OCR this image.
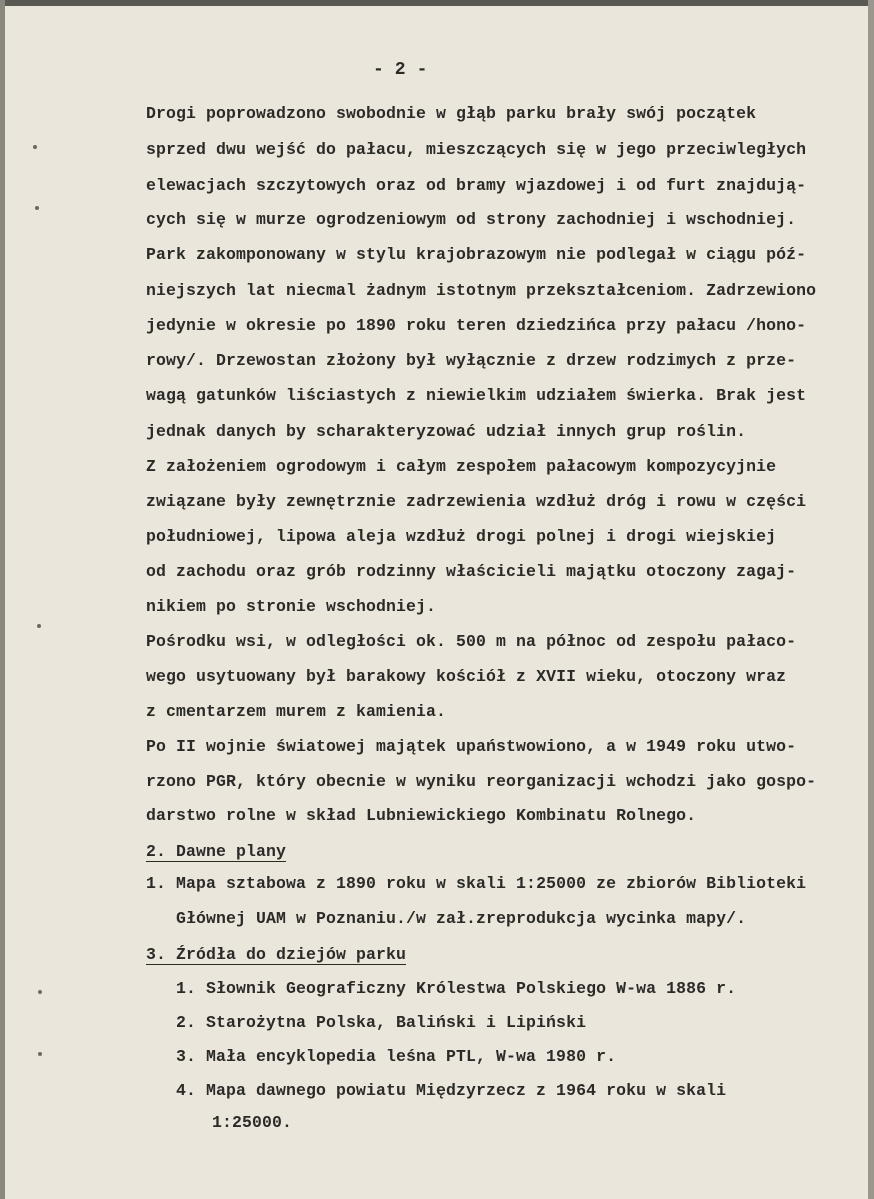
- 2 -
Drogi poprowadzono swobodnie w głąb parku brały swój początek
sprzed dwu wejść do pałacu, mieszczących się w jego przeciwległych
elewacjach szczytowych oraz od bramy wjazdowej i od furt znajdują-
cych się w murze ogrodzeniowym od strony zachodniej i wschodniej.
Park zakomponowany w stylu krajobrazowym nie podlegał w ciągu póź-
niejszych lat niecmal żadnym istotnym przekształceniom. Zadrzewiono
jedynie w okresie po 1890 roku teren dziedzińca przy pałacu /hono-
rowy/. Drzewostan złożony był wyłącznie z drzew rodzimych z prze-
wagą gatunków liściastych z niewielkim udziałem świerka. Brak jest
jednak danych by scharakteryzować udział innych grup roślin.
Z założeniem ogrodowym i całym zespołem pałacowym kompozycyjnie
związane były zewnętrznie zadrzewienia wzdłuż dróg i rowu w części
południowej, lipowa aleja wzdłuż drogi polnej i drogi wiejskiej
od zachodu oraz grób rodzinny właścicieli majątku otoczony zagaj-
nikiem po stronie wschodniej.
Pośrodku wsi, w odległości ok. 500 m na północ od zespołu pałaco-
wego usytuowany był barakowy kościół z XVII wieku, otoczony wraz
z cmentarzem murem z kamienia.
Po II wojnie światowej majątek upaństwowiono, a w 1949 roku utwo-
rzono PGR, który obecnie w wyniku reorganizacji wchodzi jako gospo-
darstwo rolne w skład Lubniewickiego Kombinatu Rolnego.
2. Dawne plany
1. Mapa sztabowa z 1890 roku w skali 1:25000 ze zbiorów Biblioteki
Głównej UAM w Poznaniu./w zał.zreprodukcja wycinka mapy/.
3. Źródła do dziejów parku
1. Słownik Geograficzny Królestwa Polskiego W-wa 1886 r.
2. Starożytna Polska, Baliński i Lipiński
3. Mała encyklopedia leśna PTL, W-wa 1980 r.
4. Mapa dawnego powiatu Międzyrzecz z 1964 roku w skali
1:25000.
